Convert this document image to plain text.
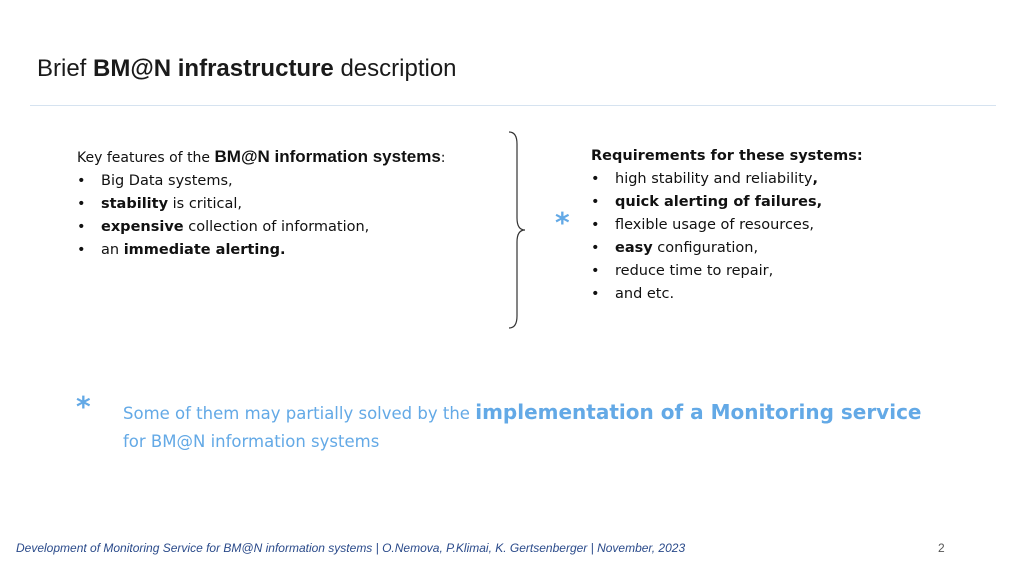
Brief BM@N infrastructure description
Key features of the BM@N information systems:
• Big Data systems,
• stability is critical,
• expensive collection of information,
• an immediate alerting.
*
Requirements for these systems:
• high stability and reliability,
• quick alerting of failures,
• flexible usage of resources,
• easy configuration,
• reduce time to repair,
• and etc.
* Some of them may partially solved by the implementation of a Monitoring service
for BM@N information systems
Development of Monitoring Service for BM@N information systems | O.Nemova, P.Klimai, K. Gertsenberger | November, 2023	2
